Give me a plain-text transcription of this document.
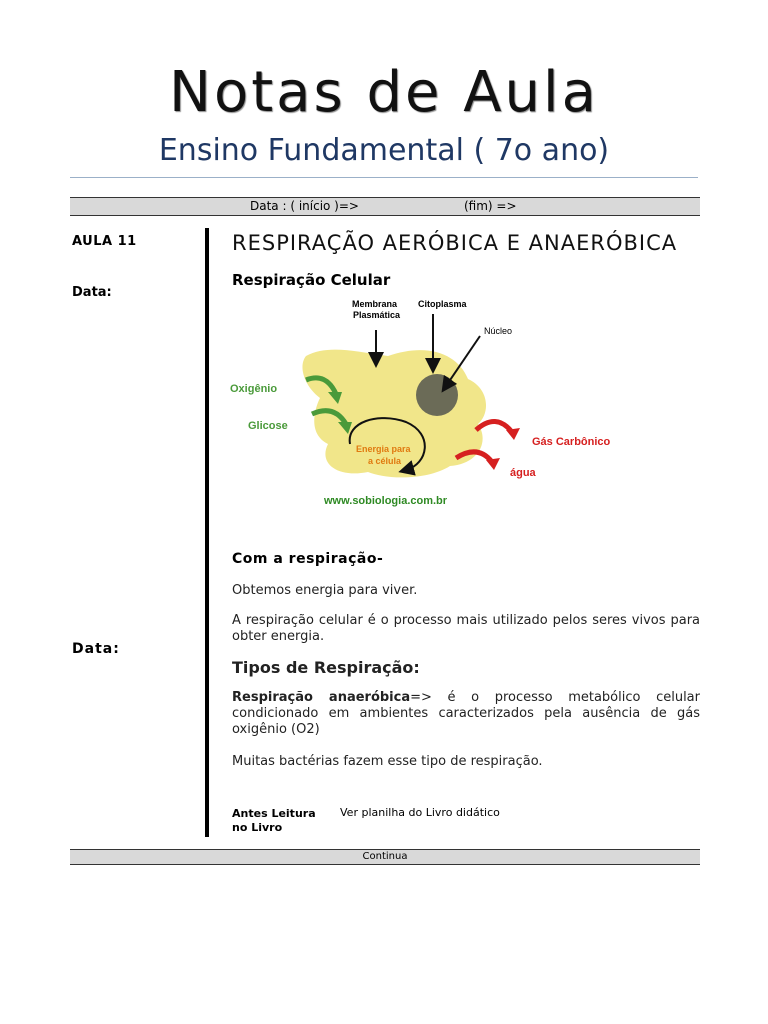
Notas de Aula
Ensino Fundamental ( 7o ano)
Data : ( início )=>	(fim) =>
AULA 11
Data:
Data:
RESPIRAÇÃO AERÓBICA E ANAERÓBICA
Respiração Celular
Membrana
Plasmática
Citoplasma
Núcleo
Oxigênio
Glicose
Energia para
a célula
Gás Carbônico
água
www.sobiologia.com.br
Com a respiração-
Obtemos energia para viver.
A respiração celular é o processo mais utilizado pelos seres vivos para obter energia.
Tipos de Respiração:
Respiração anaeróbica=> é o processo metabólico celular condicionado em ambientes caracterizados pela ausência de gás oxigênio (O2)
Muitas bactérias fazem esse tipo de respiração.
Antes Leitura no Livro
Ver planilha do Livro didático
Continua
